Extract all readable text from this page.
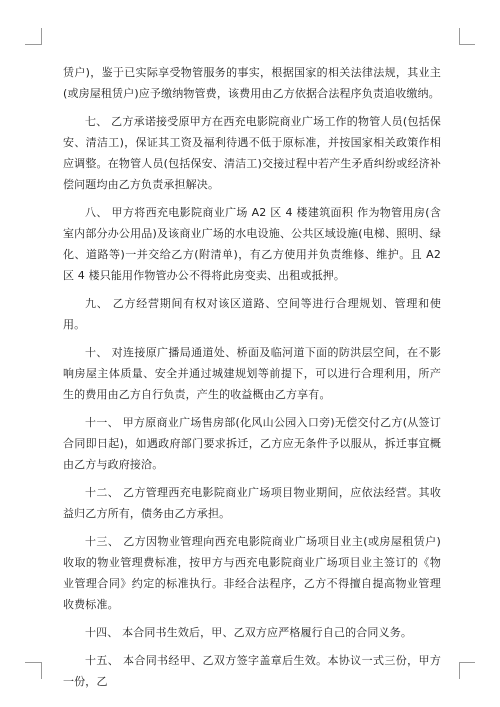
赁户)，鉴于已实际享受物管服务的事实，根据国家的相关法律法规，其业主(或房屋租赁户)应予缴纳物管费，该费用由乙方依据合法程序负责追收缴纳。

七、 乙方承诺接受原甲方在西充电影院商业广场工作的物管人员(包括保安、清洁工)，保证其工资及福利待遇不低于原标准，并按国家相关政策作相应调整。在物管人员(包括保安、清洁工)交接过程中若产生矛盾纠纷或经济补偿问题均由乙方负责承担解决。

八、 甲方将西充电影院商业广场 A2 区 4 楼建筑面积 作为物管用房(含室内部分办公用品)及该商业广场的水电设施、公共区域设施(电梯、照明、绿化、道路等)一并交给乙方(附清单)，有乙方使用并负责维修、维护。且 A2 区 4 楼只能用作物管办公不得将此房变卖、出租或抵押。

九、 乙方经营期间有权对该区道路、空间等进行合理规划、管理和使用。

十、 对连接原广播局通道处、桥面及临河道下面的防洪层空间，在不影响房屋主体质量、安全并通过城建规划等前提下，可以进行合理利用，所产生的费用由乙方自行负责，产生的收益概由乙方享有。

十一、 甲方原商业广场售房部(化风山公园入口旁)无偿交付乙方(从签订合同即日起)，如遇政府部门要求拆迁，乙方应无条件予以服从，拆迁事宜概由乙方与政府接洽。

十二、 乙方管理西充电影院商业广场项目物业期间，应依法经营。其收益归乙方所有，债务由乙方承担。

十三、 乙方因物业管理向西充电影院商业广场项目业主(或房屋租赁户)收取的物业管理费标准，按甲方与西充电影院商业广场项目业主签订的《物业管理合同》约定的标准执行。非经合法程序，乙方不得擅自提高物业管理收费标准。

十四、 本合同书生效后，甲、乙双方应严格履行自己的合同义务。

十五、 本合同书经甲、乙双方签字盖章后生效。本协议一式三份，甲方一份，乙
